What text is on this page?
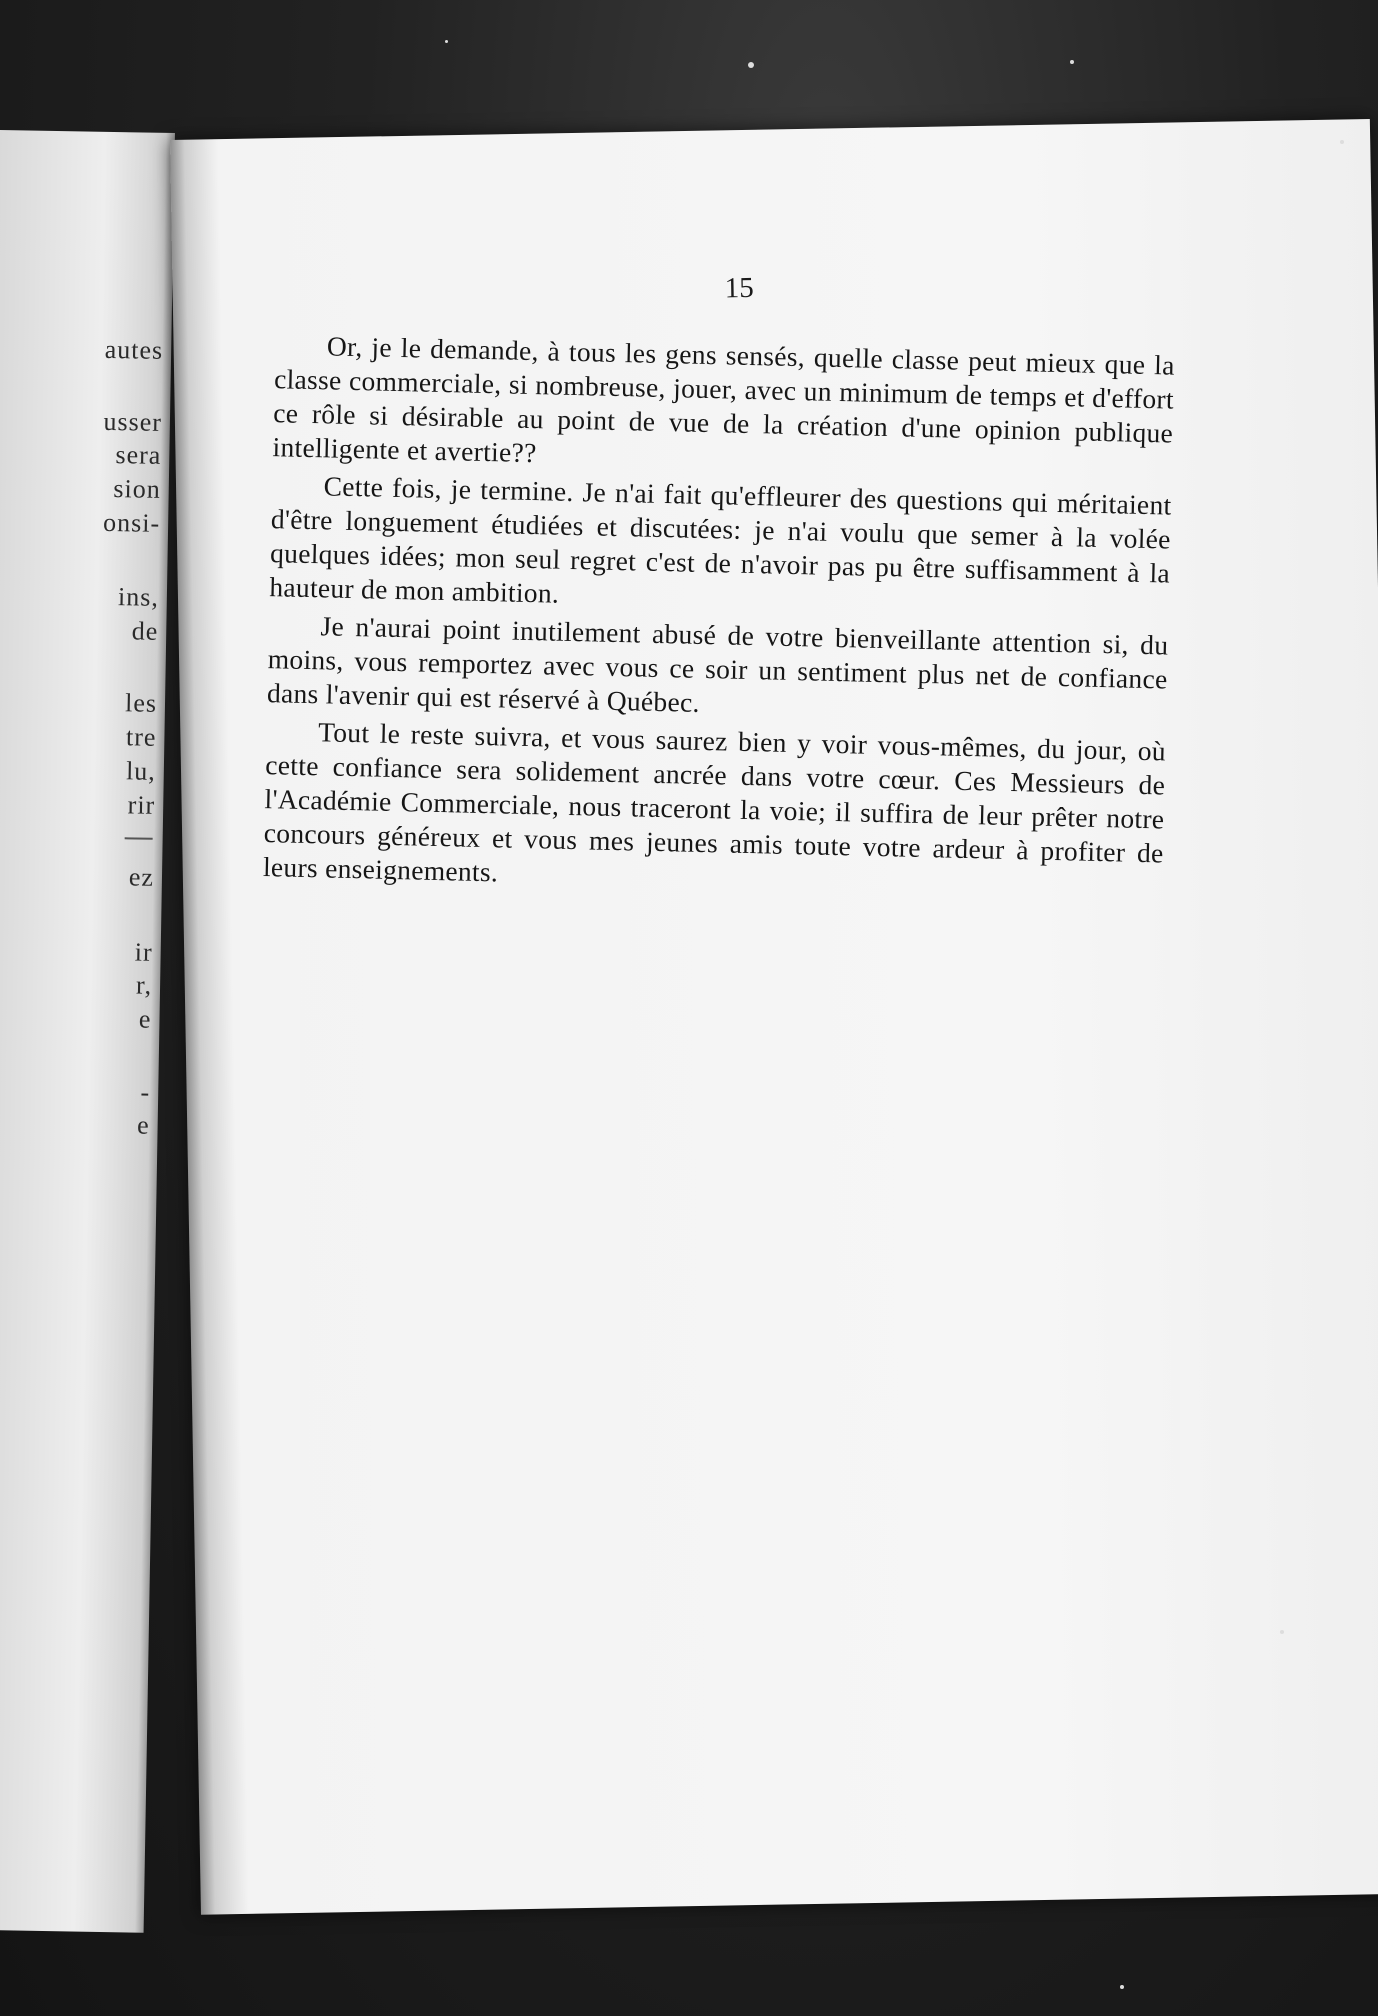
autes
usser
sera
sion
onsi-
ins,
de
les
tre
lu,
rir
ez
ir
r,
e
-
e
15

Or, je le demande, à tous les gens sensés, quelle classe peut mieux que la classe commerciale, si nombreuse, jouer, avec un minimum de temps et d'effort ce rôle si désirable au point de vue de la création d'une opinion publique intelligente et avertie??

Cette fois, je termine. Je n'ai fait qu'effleurer des questions qui méritaient d'être longuement étudiées et discutées: je n'ai voulu que semer à la volée quelques idées; mon seul regret c'est de n'avoir pas pu être suffisamment à la hauteur de mon ambition.

Je n'aurai point inutilement abusé de votre bienveillante attention si, du moins, vous remportez avec vous ce soir un sentiment plus net de confiance dans l'avenir qui est réservé à Québec.

Tout le reste suivra, et vous saurez bien y voir vous-mêmes, du jour, où cette confiance sera solidement ancrée dans votre cœur. Ces Messieurs de l'Académie Commerciale, nous traceront la voie; il suffira de leur prêter notre concours généreux et vous mes jeunes amis toute votre ardeur à profiter de leurs enseignements.
